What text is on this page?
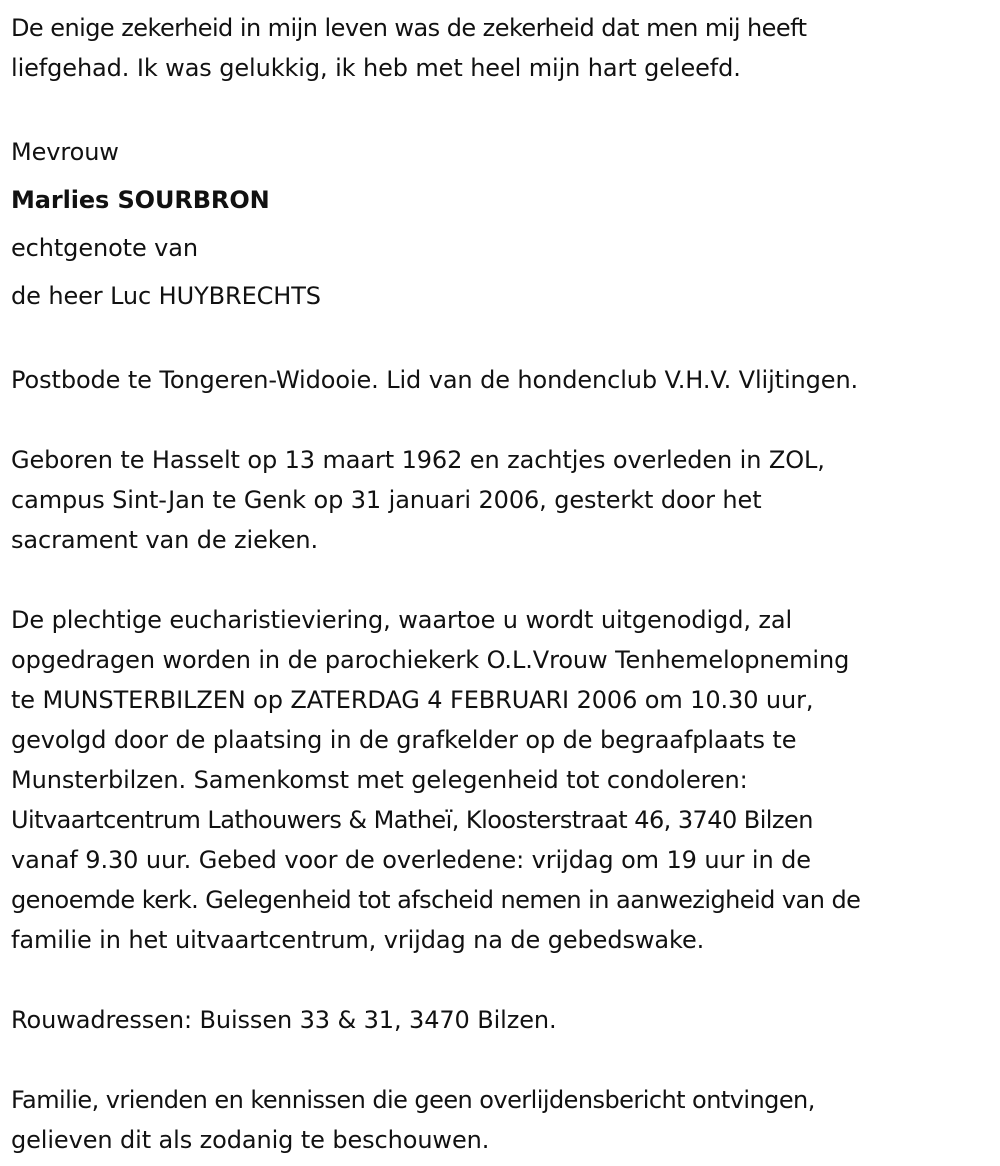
De enige zekerheid in mijn leven was de zekerheid dat men mij heeft
liefgehad. Ik was gelukkig, ik heb met heel mijn hart geleefd.
Mevrouw
Marlies SOURBRON
echtgenote van
de heer Luc HUYBRECHTS
Postbode te Tongeren-Widooie. Lid van de hondenclub V.H.V. Vlijtingen.
Geboren te Hasselt op 13 maart 1962 en zachtjes overleden in ZOL,
campus Sint-Jan te Genk op 31 januari 2006, gesterkt door het
sacrament van de zieken.
De plechtige eucharistieviering, waartoe u wordt uitgenodigd, zal
opgedragen worden in de parochiekerk O.L.Vrouw Tenhemelopneming
te MUNSTERBILZEN op ZATERDAG 4 FEBRUARI 2006 om 10.30 uur,
gevolgd door de plaatsing in de grafkelder op de begraafplaats te
Munsterbilzen. Samenkomst met gelegenheid tot condoleren:
Uitvaartcentrum Lathouwers & Matheï, Kloosterstraat 46, 3740 Bilzen
vanaf 9.30 uur. Gebed voor de overledene: vrijdag om 19 uur in de
genoemde kerk. Gelegenheid tot afscheid nemen in aanwezigheid van de
familie in het uitvaartcentrum, vrijdag na de gebedswake.
Rouwadressen: Buissen 33 & 31, 3470 Bilzen.
Familie, vrienden en kennissen die geen overlijdensbericht ontvingen,
gelieven dit als zodanig te beschouwen.
